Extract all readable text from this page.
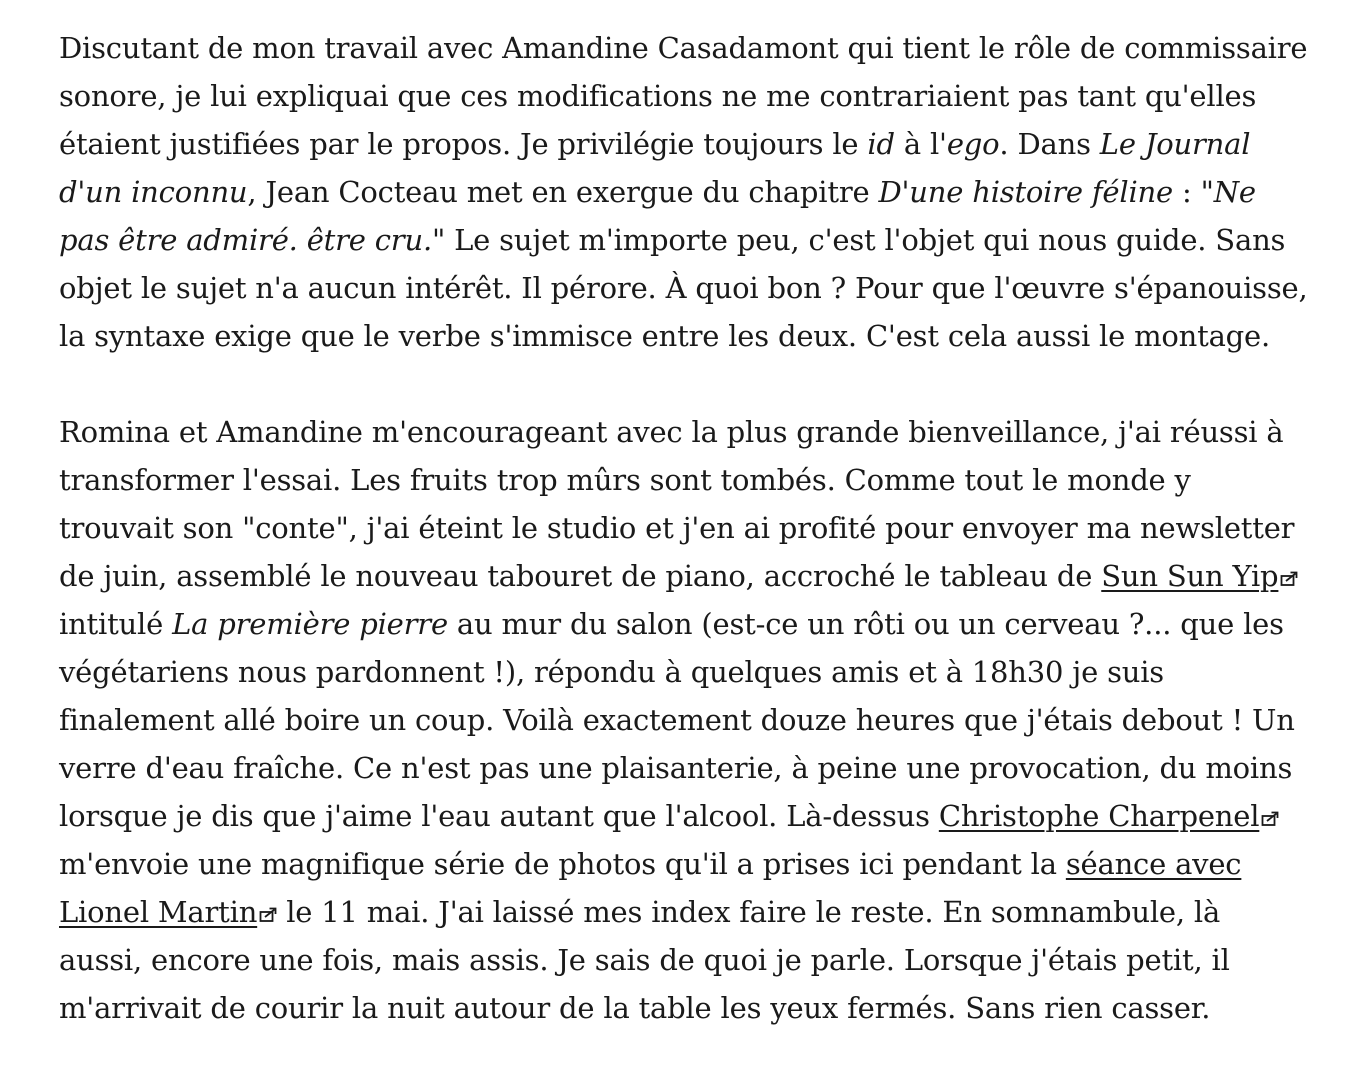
Discutant de mon travail avec Amandine Casadamont qui tient le rôle de commissaire sonore, je lui expliquai que ces modifications ne me contrariaient pas tant qu'elles étaient justifiées par le propos. Je privilégie toujours le id à l'ego. Dans Le Journal d'un inconnu, Jean Cocteau met en exergue du chapitre D'une histoire féline : "Ne pas être admiré. être cru." Le sujet m'importe peu, c'est l'objet qui nous guide. Sans objet le sujet n'a aucun intérêt. Il pérore. À quoi bon ? Pour que l'œuvre s'épanouisse, la syntaxe exige que le verbe s'immisce entre les deux. C'est cela aussi le montage.

Romina et Amandine m'encourageant avec la plus grande bienveillance, j'ai réussi à transformer l'essai. Les fruits trop mûrs sont tombés. Comme tout le monde y trouvait son "conte", j'ai éteint le studio et j'en ai profité pour envoyer ma newsletter de juin, assemblé le nouveau tabouret de piano, accroché le tableau de Sun Sun Yip
intitulé La première pierre au mur du salon (est-ce un rôti ou un cerveau ?... que les végétariens nous pardonnent !), répondu à quelques amis et à 18h30 je suis finalement allé boire un coup. Voilà exactement douze heures que j'étais debout ! Un verre d'eau fraîche. Ce n'est pas une plaisanterie, à peine une provocation, du moins lorsque je dis que j'aime l'eau autant que l'alcool. Là-dessus Christophe Charpenel
m'envoie une magnifique série de photos qu'il a prises ici pendant la séance avec Lionel Martin
le 11 mai. J'ai laissé mes index faire le reste. En somnambule, là aussi, encore une fois, mais assis. Je sais de quoi je parle. Lorsque j'étais petit, il m'arrivait de courir la nuit autour de la table les yeux fermés. Sans rien casser.
